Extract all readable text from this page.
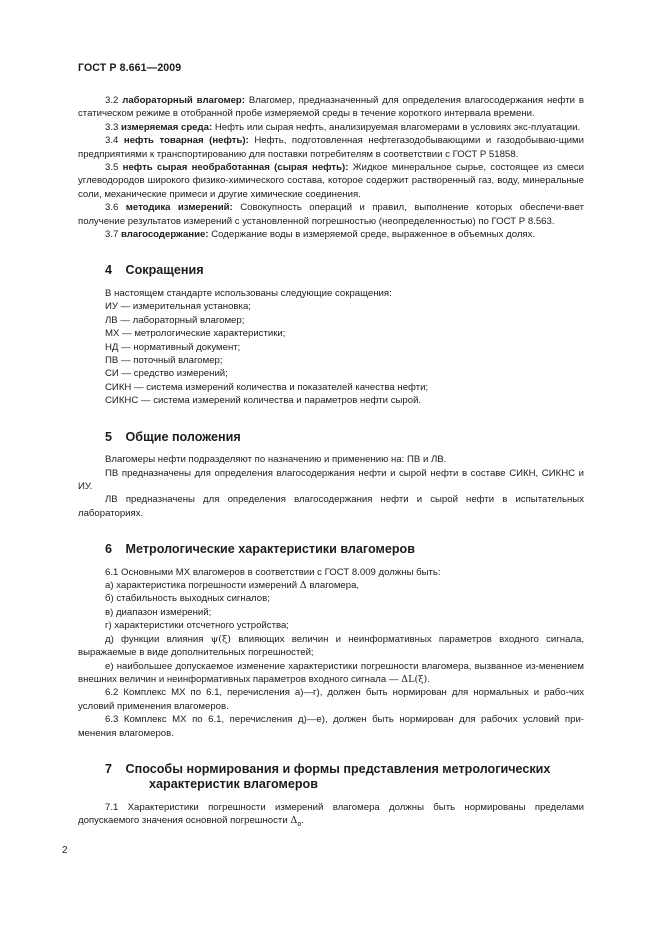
ГОСТ Р 8.661—2009

3.2 лабораторный влагомер: Влагомер, предназначенный для определения влагосодержания нефти в статическом режиме в отобранной пробе измеряемой среды в течение короткого интервала времени.

3.3 измеряемая среда: Нефть или сырая нефть, анализируемая влагомерами в условиях экс-плуатации.

3.4 нефть товарная (нефть): Нефть, подготовленная нефтегазодобывающими и газодобываю-щими предприятиями к транспортированию для поставки потребителям в соответствии с ГОСТ Р 51858.

3.5 нефть сырая необработанная (сырая нефть): Жидкое минеральное сырье, состоящее из смеси углеводородов широкого физико-химического состава, которое содержит растворенный газ, воду, минеральные соли, механические примеси и другие химические соединения.

3.6 методика измерений: Совокупность операций и правил, выполнение которых обеспечи-вает получение результатов измерений с установленной погрешностью (неопределенностью) по ГОСТ Р 8.563.

3.7 влагосодержание: Содержание воды в измеряемой среде, выраженное в объемных долях.

4 Сокращения

В настоящем стандарте использованы следующие сокращения:

ИУ — измерительная установка;

ЛВ — лабораторный влагомер;

МХ — метрологические характеристики;

НД — нормативный документ;

ПВ — поточный влагомер;

СИ — средство измерений;

СИКН — система измерений количества и показателей качества нефти;

СИКНС — система измерений количества и параметров нефти сырой.

5 Общие положения

Влагомеры нефти подразделяют по назначению и применению на: ПВ и ЛВ.

ПВ предназначены для определения влагосодержания нефти и сырой нефти в составе СИКН, СИКНС и ИУ.

ЛВ предназначены для определения влагосодержания нефти и сырой нефти в испытательных лабораториях.

6 Метрологические характеристики влагомеров

6.1 Основными МХ влагомеров в соответствии с ГОСТ 8.009 должны быть:

а) характеристика погрешности измерений Δ влагомера,

б) стабильность выходных сигналов;

в) диапазон измерений;

г) характеристики отсчетного устройства;

д) функции влияния ψ(ξ) влияющих величин и неинформативных параметров входного сигнала, выражаемые в виде дополнительных погрешностей;

е) наибольшее допускаемое изменение характеристики погрешности влагомера, вызванное из-менением внешних величин и неинформативных параметров входного сигнала — ΔL(ξ).

6.2 Комплекс МХ по 6.1, перечисления а)—г), должен быть нормирован для нормальных и рабо-чих условий применения влагомеров.

6.3 Комплекс МХ по 6.1, перечисления д)—е), должен быть нормирован для рабочих условий при-менения влагомеров.

7 Способы нормирования и формы представления метрологических
характеристик влагомеров

7.1 Характеристики погрешности измерений влагомера должны быть нормированы пределами допускаемого значения основной погрешности $\Delta_o$.

2
